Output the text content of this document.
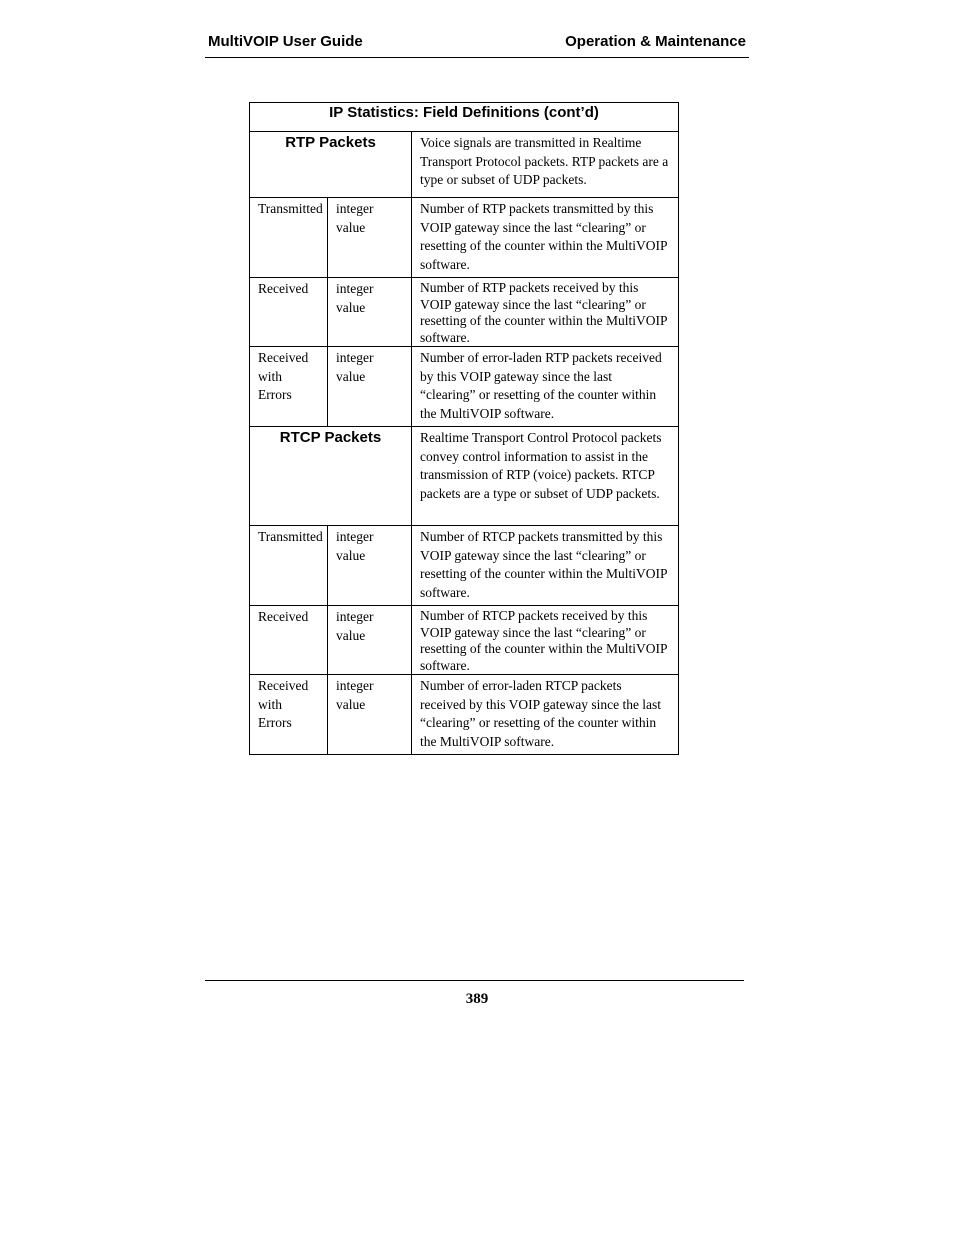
MultiVOIP User Guide	Operation & Maintenance
IP Statistics: Field Definitions (cont’d)		
RTP Packets		Voice signals are transmitted in Realtime Transport Protocol packets. RTP packets are a type or subset of UDP packets.
Transmitted	integer value	Number of RTP packets transmitted by this VOIP gateway since the last “clearing” or resetting of the counter within the MultiVOIP software.
Received	integer value	Number of RTP packets received by this VOIP gateway since the last “clearing” or resetting of the counter within the MultiVOIP software.
Received with Errors	integer value	Number of error-laden RTP packets received by this VOIP gateway since the last “clearing” or resetting of the counter within the MultiVOIP software.
RTCP Packets		Realtime Transport Control Protocol packets convey control information to assist in the transmission of RTP (voice) packets. RTCP packets are a type or subset of UDP packets.
Transmitted	integer value	Number of RTCP packets transmitted by this VOIP gateway since the last “clearing” or resetting of the counter within the MultiVOIP software.
Received	integer value	Number of RTCP packets received by this VOIP gateway since the last “clearing” or resetting of the counter within the MultiVOIP software.
Received with Errors	integer value	Number of error-laden RTCP packets received by this VOIP gateway since the last “clearing” or resetting of the counter within the MultiVOIP software.
389
